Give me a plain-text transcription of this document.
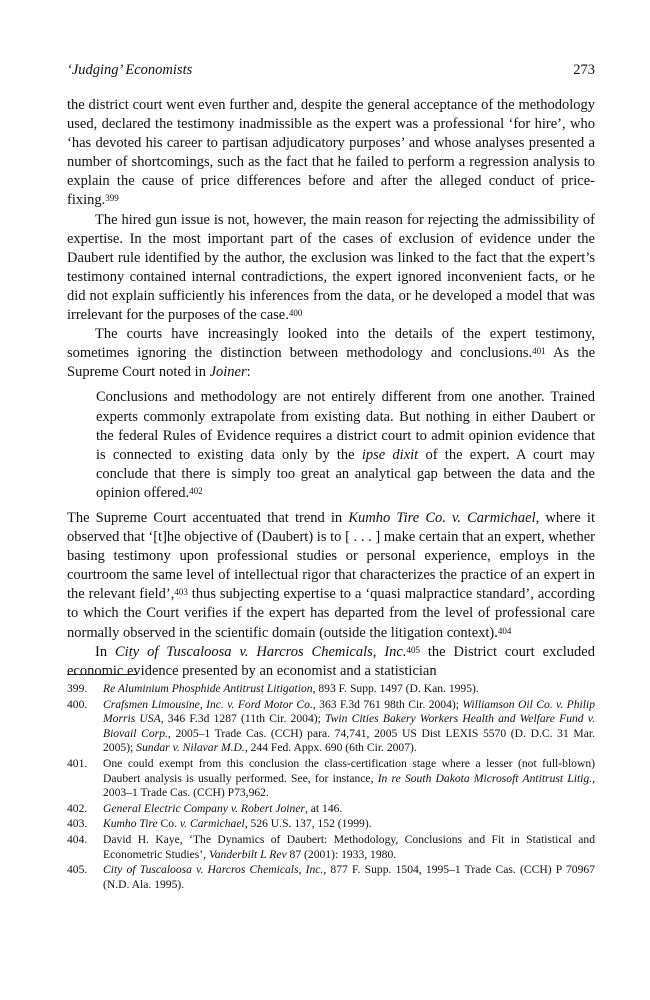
‘Judging’ Economists	273

the district court went even further and, despite the general acceptance of the methodology used, declared the testimony inadmissible as the expert was a professional ‘for hire’, who ‘has devoted his career to partisan adjudicatory purposes’ and whose analyses presented a number of shortcomings, such as the fact that he failed to perform a regression analysis to explain the cause of price differences before and after the alleged conduct of price-fixing.$^{399}$

The hired gun issue is not, however, the main reason for rejecting the admissibility of expertise. In the most important part of the cases of exclusion of evidence under the Daubert rule identified by the author, the exclusion was linked to the fact that the expert’s testimony contained internal contradictions, the expert ignored inconvenient facts, or he did not explain sufficiently his inferences from the data, or he developed a model that was irrelevant for the purposes of the case.$^{400}$

The courts have increasingly looked into the details of the expert testimony, sometimes ignoring the distinction between methodology and conclusions.$^{401}$ As the Supreme Court noted in Joiner:

Conclusions and methodology are not entirely different from one another. Trained experts commonly extrapolate from existing data. But nothing in either Daubert or the federal Rules of Evidence requires a district court to admit opinion evidence that is connected to existing data only by the ipse dixit of the expert. A court may conclude that there is simply too great an analytical gap between the data and the opinion offered.$^{402}$

The Supreme Court accentuated that trend in Kumho Tire Co. v. Carmichael, where it observed that ‘[t]he objective of (Daubert) is to [ . . . ] make certain that an expert, whether basing testimony upon professional studies or personal experience, employs in the courtroom the same level of intellectual rigor that characterizes the practice of an expert in the relevant field’,$^{403}$ thus subjecting expertise to a ‘quasi malpractice standard’, according to which the Court verifies if the expert has departed from the level of professional care normally observed in the scientific domain (outside the litigation context).$^{404}$

In City of Tuscaloosa v. Harcros Chemicals, Inc.$^{405}$ the District court excluded economic evidence presented by an economist and a statistician

399.	Re Aluminium Phosphide Antitrust Litigation, 893 F. Supp. 1497 (D. Kan. 1995).
400.	Crafsmen Limousine, Inc. v. Ford Motor Co., 363 F.3d 761 98th Cir. 2004); Williamson Oil Co. v. Philip Morris USA, 346 F.3d 1287 (11th Cir. 2004); Twin Cities Bakery Workers Health and Welfare Fund v. Biovail Corp., 2005–1 Trade Cas. (CCH) para. 74,741, 2005 US Dist LEXIS 5570 (D. D.C. 31 Mar. 2005); Sundar v. Nilavar M.D., 244 Fed. Appx. 690 (6th Cir. 2007).
401.	One could exempt from this conclusion the class-certification stage where a lesser (not full-blown) Daubert analysis is usually performed. See, for instance, In re South Dakota Microsoft Antitrust Litig., 2003–1 Trade Cas. (CCH) P73,962.
402.	General Electric Company v. Robert Joiner, at 146.
403.	Kumho Tire Co. v. Carmichael, 526 U.S. 137, 152 (1999).
404.	David H. Kaye, ‘The Dynamics of Daubert: Methodology, Conclusions and Fit in Statistical and Econometric Studies’, Vanderbilt L Rev 87 (2001): 1933, 1980.
405.	City of Tuscaloosa v. Harcros Chemicals, Inc., 877 F. Supp. 1504, 1995–1 Trade Cas. (CCH) P 70967 (N.D. Ala. 1995).
